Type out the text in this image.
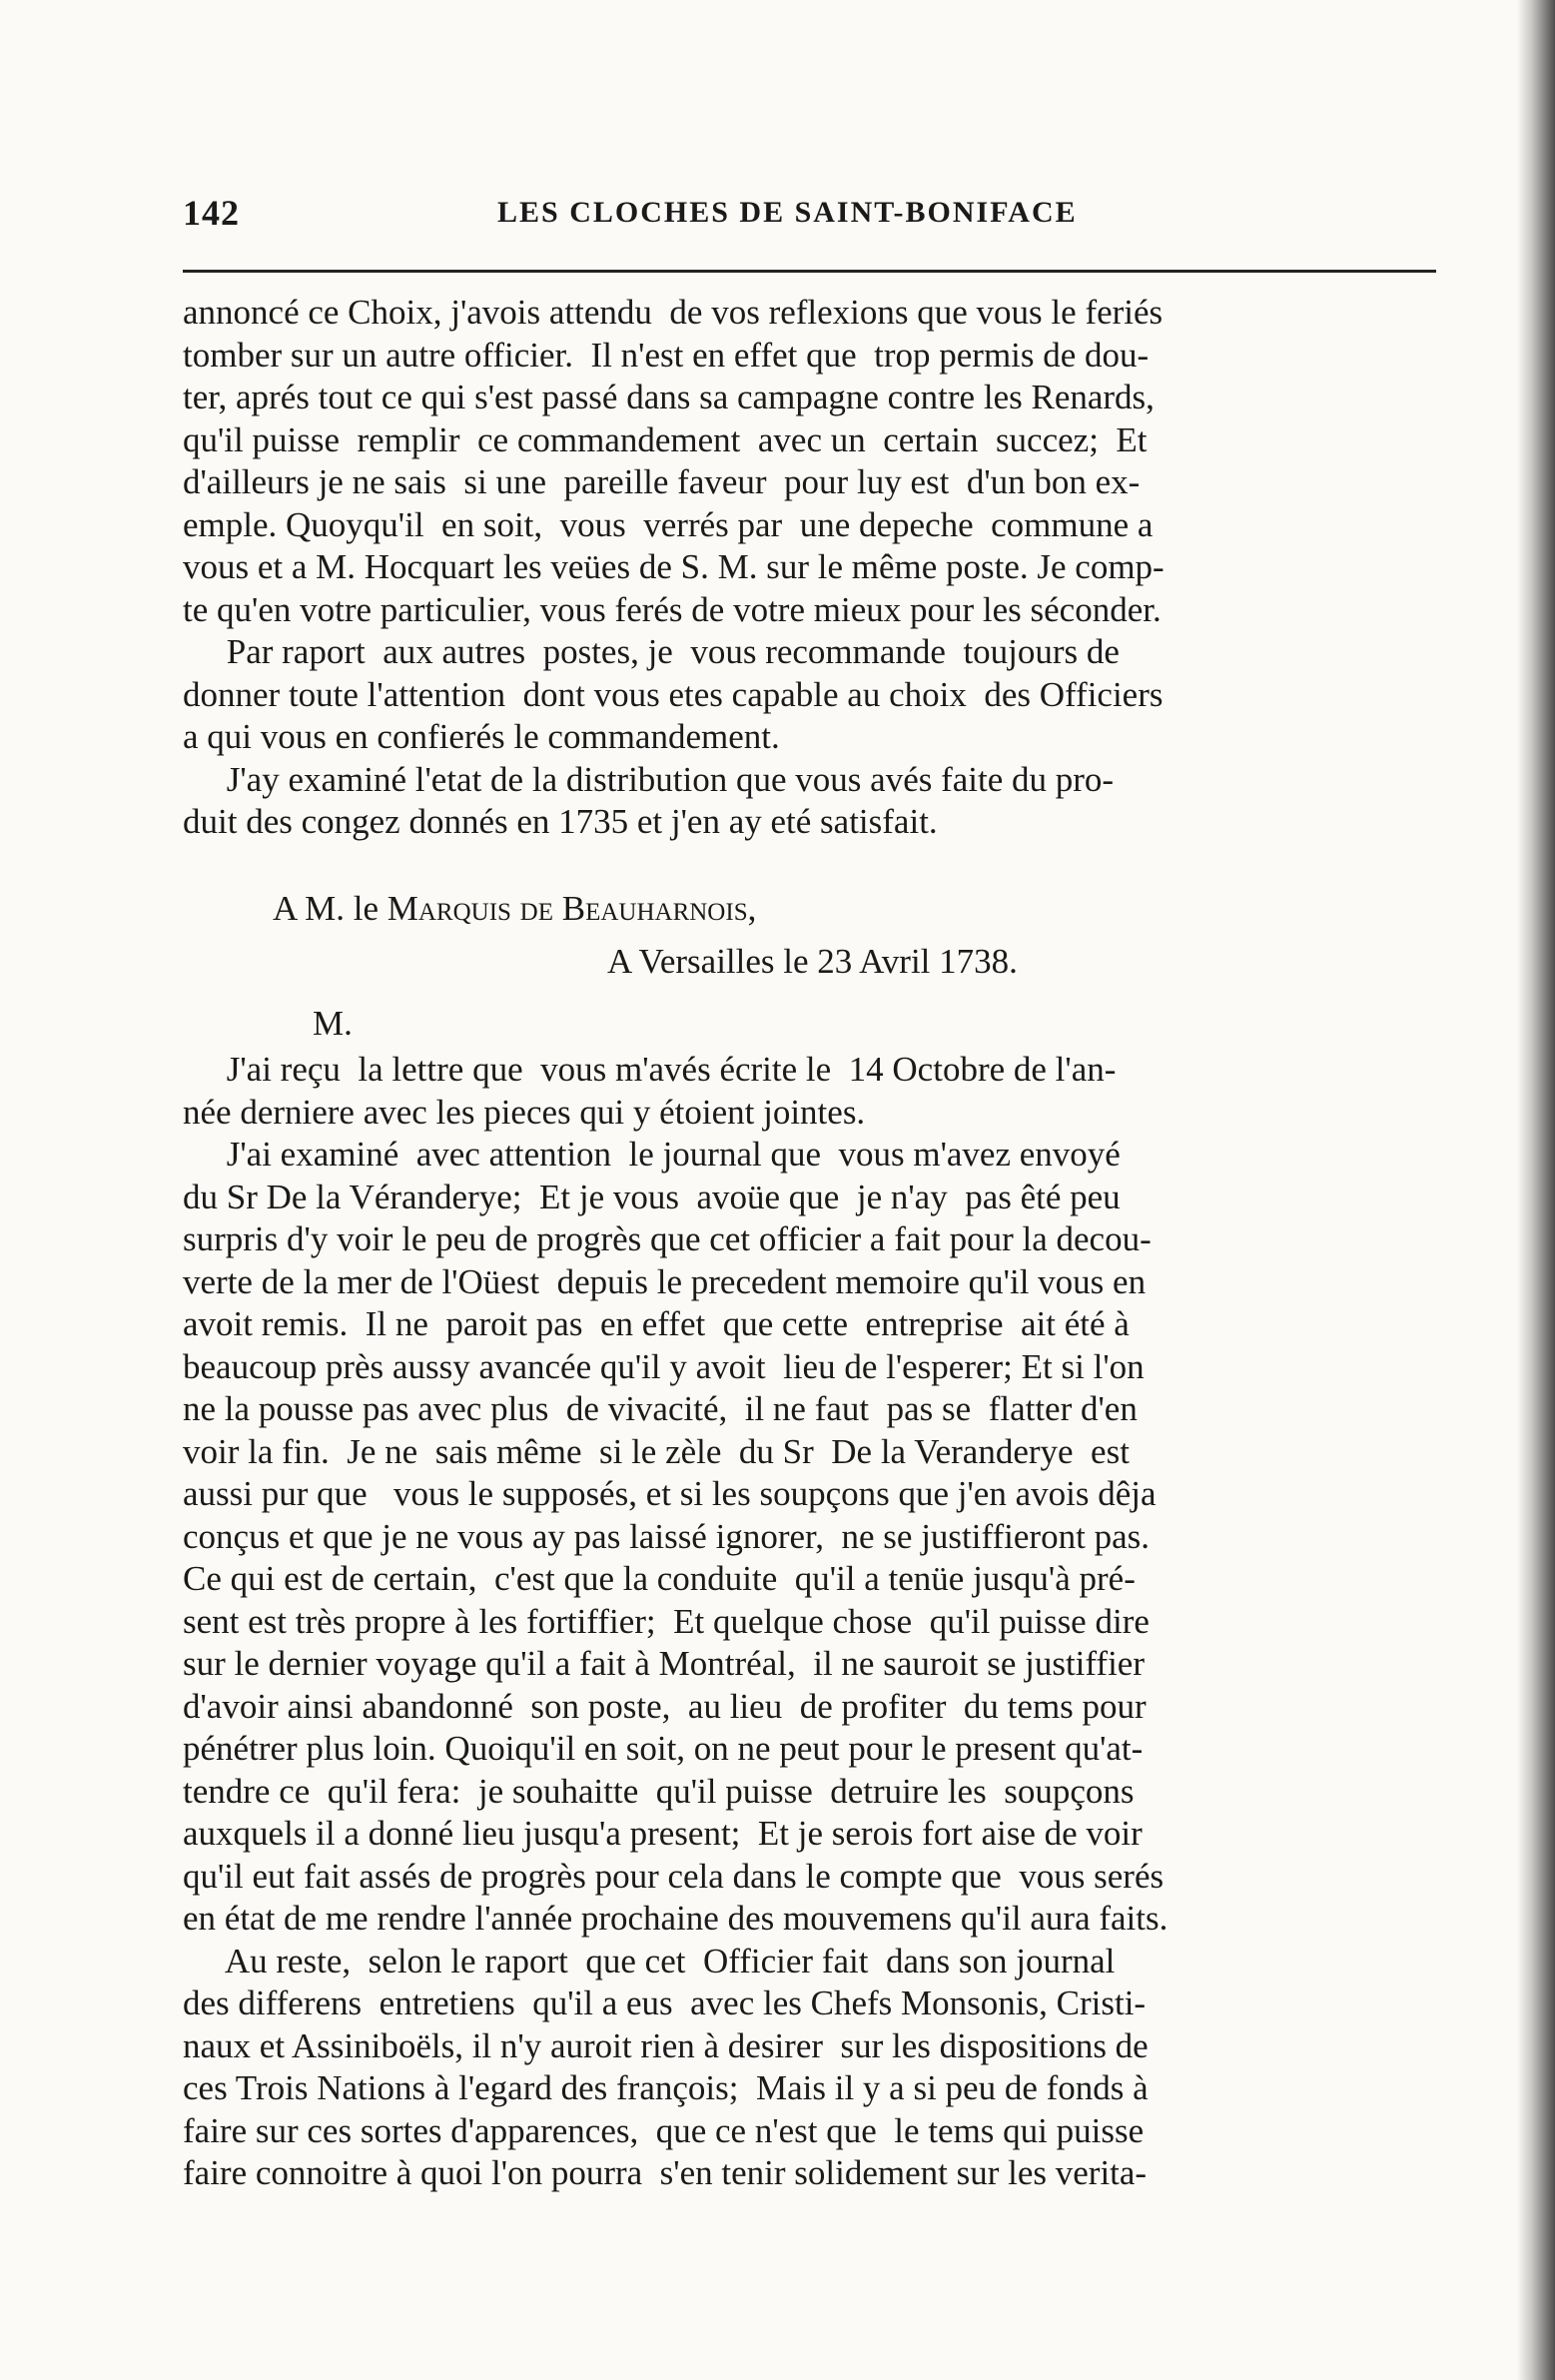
142	LES CLOCHES DE SAINT-BONIFACE
annoncé ce Choix, j'avois attendu  de vos reflexions que vous le feriés
tomber sur un autre officier.  Il n'est en effet que  trop permis de dou-
ter, aprés tout ce qui s'est passé dans sa campagne contre les Renards,
qu'il puisse  remplir  ce commandement  avec un  certain  succez;  Et
d'ailleurs je ne sais  si une  pareille faveur  pour luy est  d'un bon ex-
emple. Quoyqu'il  en soit,  vous  verrés par  une depeche  commune a
vous et a M. Hocquart les veües de S. M. sur le même poste. Je comp-
te qu'en votre particulier, vous ferés de votre mieux pour les séconder.
Par raport  aux autres  postes, je  vous recommande  toujours de
donner toute l'attention  dont vous etes capable au choix  des Officiers
a qui vous en confierés le commandement.
J'ay examiné l'etat de la distribution que vous avés faite du pro-
duit des congez donnés en 1735 et j'en ay eté satisfait.
A M. le Marquis de Beauharnois,
A Versailles le 23 Avril 1738.
M.
J'ai reçu  la lettre que  vous m'avés écrite le  14 Octobre de l'an-
née derniere avec les pieces qui y étoient jointes.
J'ai examiné  avec attention  le journal que  vous m'avez envoyé
du Sr De la Véranderye;  Et je vous  avoüe que  je n'ay  pas êté peu
surpris d'y voir le peu de progrès que cet officier a fait pour la decou-
verte de la mer de l'Oüest  depuis le precedent memoire qu'il vous en
avoit remis.  Il ne  paroit pas  en effet  que cette  entreprise  ait été à
beaucoup près aussy avancée qu'il y avoit  lieu de l'esperer; Et si l'on
ne la pousse pas avec plus  de vivacité,  il ne faut  pas se  flatter d'en
voir la fin.  Je ne  sais même  si le zèle  du Sr  De la Veranderye  est
aussi pur que   vous le supposés, et si les soupçons que j'en avois dêja
conçus et que je ne vous ay pas laissé ignorer,  ne se justiffieront pas.
Ce qui est de certain,  c'est que la conduite  qu'il a tenüe jusqu'à pré-
sent est très propre à les fortiffier;  Et quelque chose  qu'il puisse dire
sur le dernier voyage qu'il a fait à Montréal,  il ne sauroit se justiffier
d'avoir ainsi abandonné  son poste,  au lieu  de profiter  du tems pour
pénétrer plus loin. Quoiqu'il en soit, on ne peut pour le present qu'at-
tendre ce  qu'il fera:  je souhaitte  qu'il puisse  detruire les  soupçons
auxquels il a donné lieu jusqu'a present;  Et je serois fort aise de voir
qu'il eut fait assés de progrès pour cela dans le compte que  vous serés
en état de me rendre l'année prochaine des mouvemens qu'il aura faits.
Au reste,  selon le raport  que cet  Officier fait  dans son journal
des differens  entretiens  qu'il a eus  avec les Chefs Monsonis, Cristi-
naux et Assiniboëls, il n'y auroit rien à desirer  sur les dispositions de
ces Trois Nations à l'egard des françois;  Mais il y a si peu de fonds à
faire sur ces sortes d'apparences,  que ce n'est que  le tems qui puisse
faire connoitre à quoi l'on pourra  s'en tenir solidement sur les verita-
